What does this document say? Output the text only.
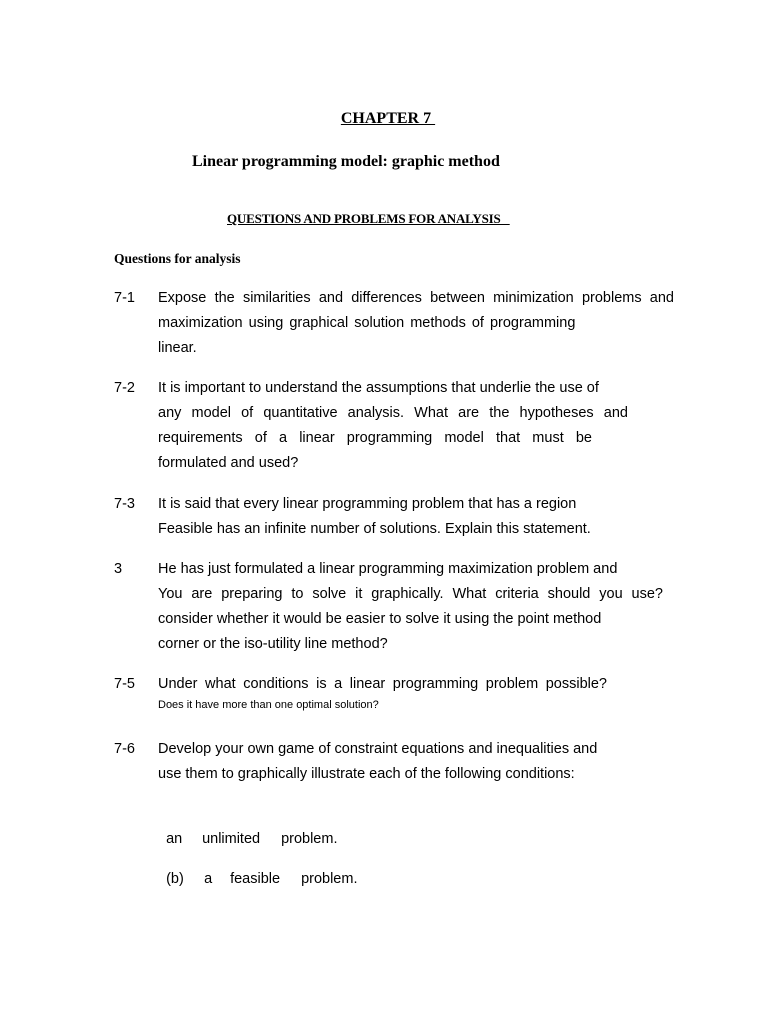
CHAPTER 7
Linear programming model: graphic method
QUESTIONS AND PROBLEMS FOR ANALYSIS
Questions for analysis
7-1 Expose the similarities and differences between minimization problems and
maximization using graphical solution methods of programming
linear.
7-2 It is important to understand the assumptions that underlie the use of
any model of quantitative analysis. What are the hypotheses and
requirements of a linear programming model that must be
formulated and used?
7-3 It is said that every linear programming problem that has a region
Feasible has an infinite number of solutions. Explain this statement.
3 He has just formulated a linear programming maximization problem and
You are preparing to solve it graphically. What criteria should you use?
consider whether it would be easier to solve it using the point method
corner or the iso-utility line method?
7-5 Under what conditions is a linear programming problem possible?
Does it have more than one optimal solution?
7-6 Develop your own game of constraint equations and inequalities and
use them to graphically illustrate each of the following conditions:

an unlimited problem.

(b) a feasible problem.
